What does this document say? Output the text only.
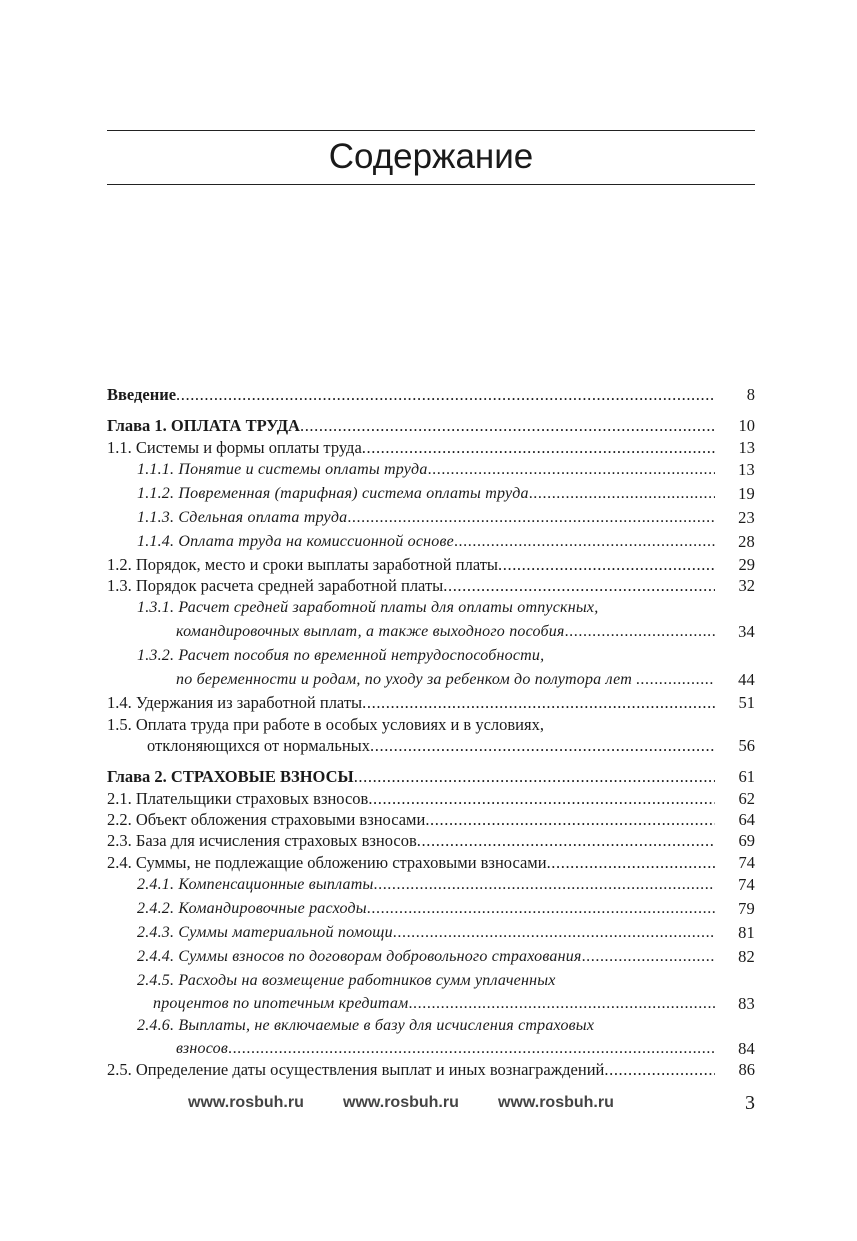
Содержание
Введение .....	8
Глава 1. ОПЛАТА ТРУДА .....	10
1.1. Системы и формы оплаты труда .....	13
1.1.1. Понятие и системы оплаты труда .....	13
1.1.2. Повременная (тарифная) система оплаты труда .....	19
1.1.3. Сдельная оплата труда .....	23
1.1.4. Оплата труда на комиссионной основе .....	28
1.2. Порядок, место и сроки выплаты заработной платы .....	29
1.3. Порядок расчета средней заработной платы .....	32
1.3.1. Расчет средней заработной платы для оплаты отпускных,
командировочных выплат, а также выходного пособия .....	34
1.3.2. Расчет пособия по временной нетрудоспособности,
по беременности и родам, по уходу за ребенком до полутора лет . .....	44
1.4. Удержания из заработной платы .....	51
1.5. Оплата труда при работе в особых условиях и в условиях,
отклоняющихся от нормальных .....	56
Глава 2. СТРАХОВЫЕ ВЗНОСЫ .....	61
2.1. Плательщики страховых взносов .....	62
2.2. Объект обложения страховыми взносами .....	64
2.3. База для исчисления страховых взносов .....	69
2.4. Суммы, не подлежащие обложению страховыми взносами .....	74
2.4.1. Компенсационные выплаты .....	74
2.4.2. Командировочные расходы .....	79
2.4.3. Суммы материальной помощи .....	81
2.4.4. Суммы взносов по договорам добровольного страхования .....	82
2.4.5. Расходы на возмещение работников сумм уплаченных
процентов по ипотечным кредитам .....	83
2.4.6. Выплаты, не включаемые в базу для исчисления страховых
взносов .....	84
2.5. Определение даты осуществления выплат и иных вознаграждений .....	86
www.rosbuh.ru www.rosbuh.ru www.rosbuh.ru	3
